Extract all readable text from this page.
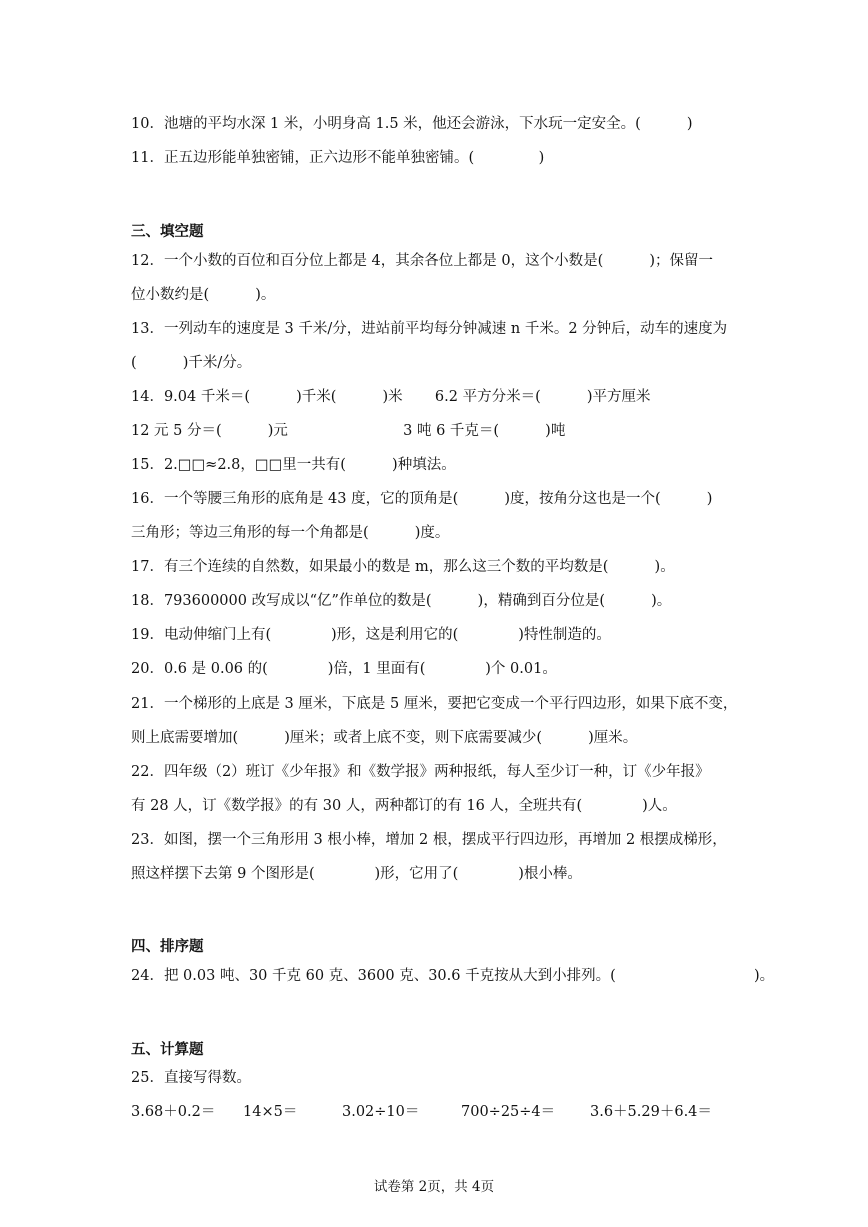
10．池塘的平均水深 1 米，小明身高 1.5 米，他还会游泳，下水玩一定安全。(          )
11．正五边形能单独密铺，正六边形不能单独密铺。(              )
三、填空题
12．一个小数的百位和百分位上都是 4，其余各位上都是 0，这个小数是(          )；保留一
位小数约是(          )。
13．一列动车的速度是 3 千米/分，进站前平均每分钟减速 n 千米。2 分钟后，动车的速度为
(          )千米/分。
14．9.04 千米＝(          )千米(          )米       6.2 平方分米＝(          )平方厘米
12 元 5 分＝(          )元                         3 吨 6 千克＝(          )吨
15．2.□□≈2.8，□□里一共有(          )种填法。
16．一个等腰三角形的底角是 43 度，它的顶角是(          )度，按角分这也是一个(          )
三角形；等边三角形的每一个角都是(          )度。
17．有三个连续的自然数，如果最小的数是 m，那么这三个数的平均数是(          )。
18．793600000 改写成以“亿”作单位的数是(          )，精确到百分位是(          )。
19．电动伸缩门上有(             )形，这是利用它的(             )特性制造的。
20．0.6 是 0.06 的(             )倍，1 里面有(             )个 0.01。
21．一个梯形的上底是 3 厘米，下底是 5 厘米，要把它变成一个平行四边形，如果下底不变，
则上底需要增加(          )厘米；或者上底不变，则下底需要减少(          )厘米。
22．四年级（2）班订《少年报》和《数学报》两种报纸，每人至少订一种，订《少年报》
有 28 人，订《数学报》的有 30 人，两种都订的有 16 人，全班共有(             )人。
23．如图，摆一个三角形用 3 根小棒，增加 2 根，摆成平行四边形，再增加 2 根摆成梯形，
照这样摆下去第 9 个图形是(             )形，它用了(             )根小棒。
四、排序题
24．把 0.03 吨、30 千克 60 克、3600 克、30.6 千克按从大到小排列。(                              )。
五、计算题
25．直接写得数。
3.68＋0.2＝ 14×5＝	3.02÷10＝	700÷25÷4＝ 3.6＋5.29＋6.4＝
试卷第 2页，共 4页
